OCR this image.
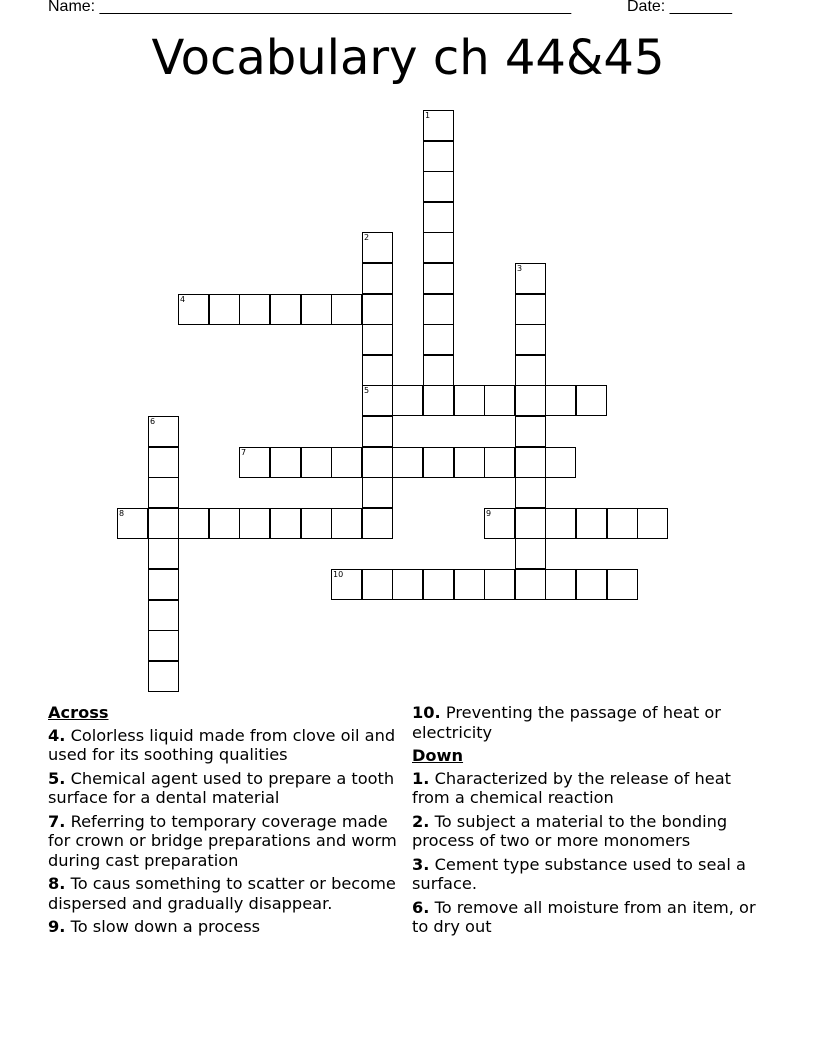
Name: _____________________________________________________	Date: _______
Vocabulary ch 44&45
1
2
5
3
4
6
7
8	9
10
Across
4. Colorless liquid made from clove oil and used for its soothing qualities
5. Chemical agent used to prepare a tooth surface for a dental material
7. Referring to temporary coverage made for crown or bridge preparations and worm during cast preparation
8. To caus something to scatter or become dispersed and gradually disappear.
9. To slow down a process
10. Preventing the passage of heat or electricity
Down
1. Characterized by the release of heat from a chemical reaction
2. To subject a material to the bonding process of two or more monomers
3. Cement type substance used to seal a surface.
6. To remove all moisture from an item, or to dry out
